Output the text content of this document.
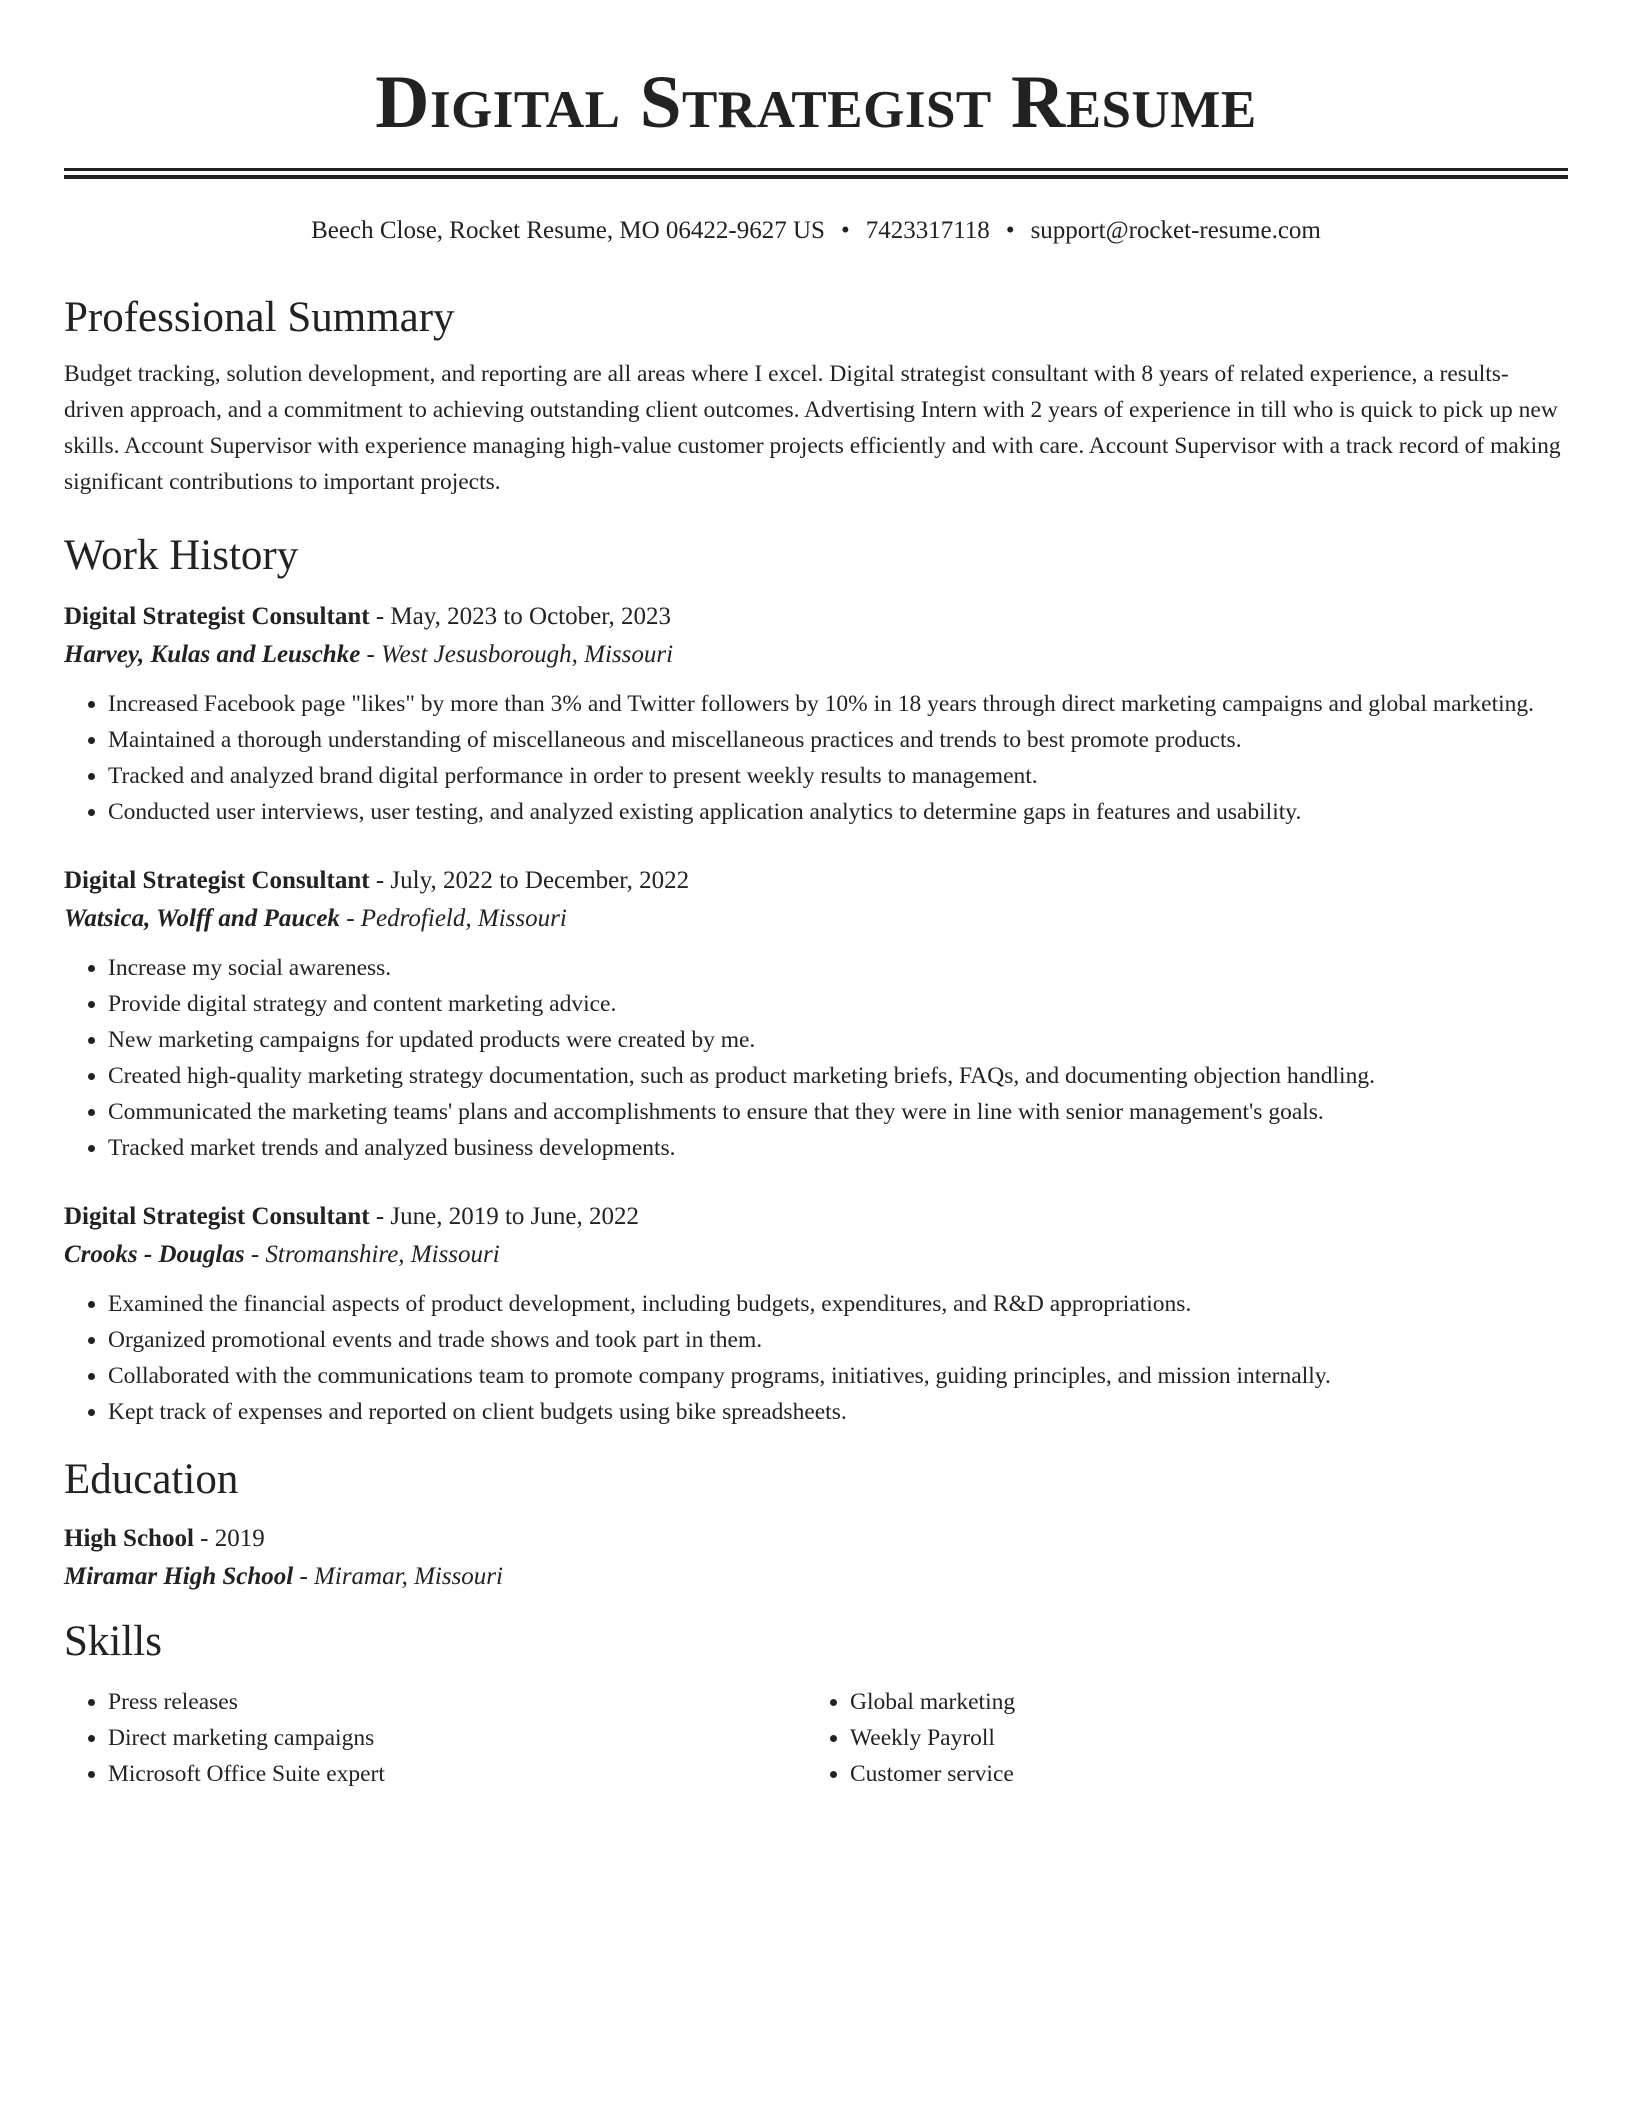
Digital Strategist Resume
Beech Close, Rocket Resume, MO 06422-9627 US • 7423317118 • support@rocket-resume.com
Professional Summary

Budget tracking, solution development, and reporting are all areas where I excel. Digital strategist consultant with 8 years of related experience, a results-driven approach, and a commitment to achieving outstanding client outcomes. Advertising Intern with 2 years of experience in till who is quick to pick up new skills. Account Supervisor with experience managing high-value customer projects efficiently and with care. Account Supervisor with a track record of making significant contributions to important projects.

Work History
Digital Strategist Consultant - May, 2023 to October, 2023
Harvey, Kulas and Leuschke - West Jesusborough, Missouri
• Increased Facebook page "likes" by more than 3% and Twitter followers by 10% in 18 years through direct marketing campaigns and global marketing.
• Maintained a thorough understanding of miscellaneous and miscellaneous practices and trends to best promote products.
• Tracked and analyzed brand digital performance in order to present weekly results to management.
• Conducted user interviews, user testing, and analyzed existing application analytics to determine gaps in features and usability.
Digital Strategist Consultant - July, 2022 to December, 2022
Watsica, Wolff and Paucek - Pedrofield, Missouri
• Increase my social awareness.
• Provide digital strategy and content marketing advice.
• New marketing campaigns for updated products were created by me.
• Created high-quality marketing strategy documentation, such as product marketing briefs, FAQs, and documenting objection handling.
• Communicated the marketing teams' plans and accomplishments to ensure that they were in line with senior management's goals.
• Tracked market trends and analyzed business developments.
Digital Strategist Consultant - June, 2019 to June, 2022
Crooks - Douglas - Stromanshire, Missouri
• Examined the financial aspects of product development, including budgets, expenditures, and R&D appropriations.
• Organized promotional events and trade shows and took part in them.
• Collaborated with the communications team to promote company programs, initiatives, guiding principles, and mission internally.
• Kept track of expenses and reported on client budgets using bike spreadsheets.
Education
High School - 2019
Miramar High School - Miramar, Missouri
Skills
• Press releases
• Direct marketing campaigns
• Microsoft Office Suite expert
• Global marketing
• Weekly Payroll
• Customer service
